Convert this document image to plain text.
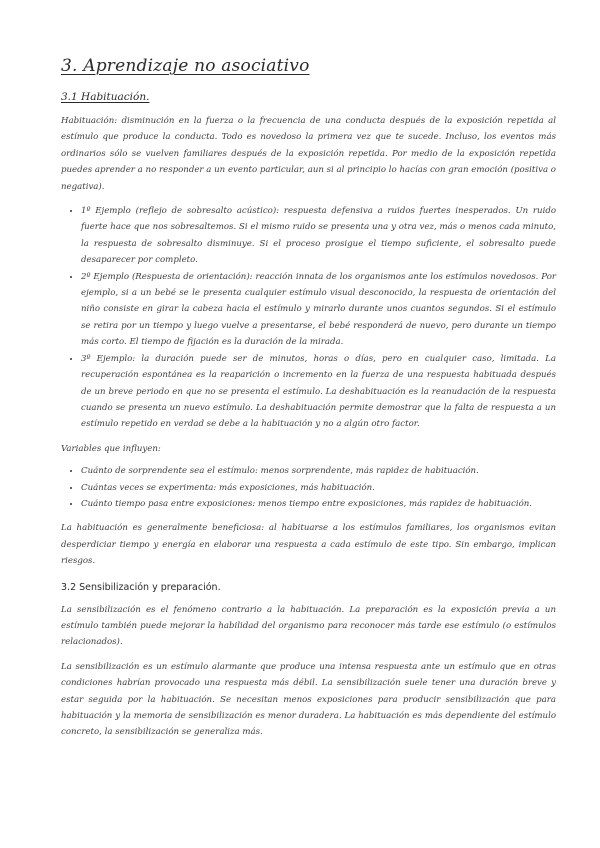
3. Aprendizaje no asociativo
3.1 Habituación.

Habituación: disminución en la fuerza o la frecuencia de una conducta después de la exposición repetida al estímulo que produce la conducta. Todo es novedoso la primera vez que te sucede. Incluso, los eventos más ordinarios sólo se vuelven familiares después de la exposición repetida. Por medio de la exposición repetida puedes aprender a no responder a un evento particular, aun si al principio lo hacías con gran emoción (positiva o negativa).

• 1º Ejemplo (reflejo de sobresalto acústico): respuesta defensiva a ruidos fuertes inesperados. Un ruido fuerte hace que nos sobresaltemos. Si el mismo ruido se presenta una y otra vez, más o menos cada minuto, la respuesta de sobresalto disminuye. Si el proceso prosigue el tiempo suficiente, el sobresalto puede desaparecer por completo.
• 2º Ejemplo (Respuesta de orientación): reacción innata de los organismos ante los estímulos novedosos. Por ejemplo, si a un bebé se le presenta cualquier estímulo visual desconocido, la respuesta de orientación del niño consiste en girar la cabeza hacia el estímulo y mirarlo durante unos cuantos segundos. Si el estímulo se retira por un tiempo y luego vuelve a presentarse, el bebé responderá de nuevo, pero durante un tiempo más corto. El tiempo de fijación es la duración de la mirada.
• 3º Ejemplo: la duración puede ser de minutos, horas o días, pero en cualquier caso, limitada. La recuperación espontánea es la reaparición o incremento en la fuerza de una respuesta habituada después de un breve periodo en que no se presenta el estímulo. La deshabituación es la reanudación de la respuesta cuando se presenta un nuevo estímulo. La deshabituación permite demostrar que la falta de respuesta a un estímulo repetido en verdad se debe a la habituación y no a algún otro factor.

Variables que influyen:

• Cuánto de sorprendente sea el estímulo: menos sorprendente, más rapidez de habituación.
• Cuántas veces se experimenta: más exposiciones, más habituación.
• Cuánto tiempo pasa entre exposiciones: menos tiempo entre exposiciones, más rapidez de habituación.

La habituación es generalmente beneficiosa: al habituarse a los estímulos familiares, los organismos evitan desperdiciar tiempo y energía en elaborar una respuesta a cada estímulo de este tipo. Sin embargo, implican riesgos.

3.2 Sensibilización y preparación.

La sensibilización es el fenómeno contrario a la habituación. La preparación es la exposición previa a un estímulo también puede mejorar la habilidad del organismo para reconocer más tarde ese estímulo (o estímulos relacionados).

La sensibilización es un estímulo alarmante que produce una intensa respuesta ante un estímulo que en otras condiciones habrían provocado una respuesta más débil. La sensibilización suele tener una duración breve y estar seguida por la habituación. Se necesitan menos exposiciones para producir sensibilización que para habituación y la memoria de sensibilización es menor duradera. La habituación es más dependiente del estímulo concreto, la sensibilización se generaliza más.
